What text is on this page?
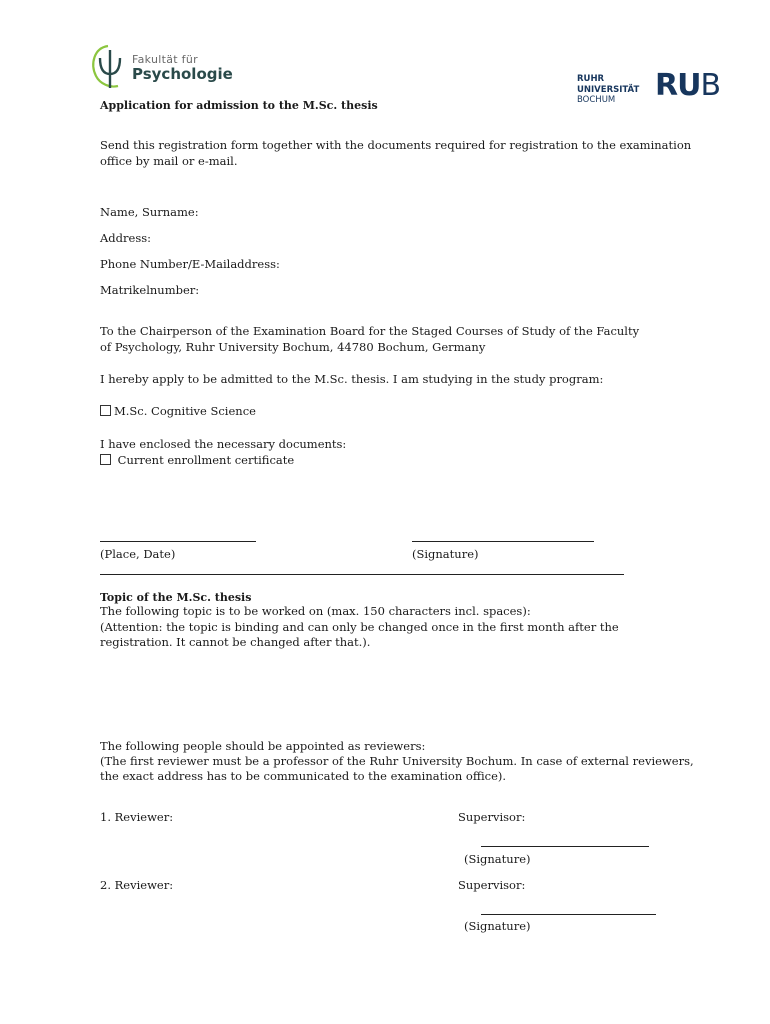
Fakultät für
Psychologie	RUHR
UNIVERSITÄT
BOCHUM	RUB
Application for admission to the M.Sc. thesis
Send this registration form together with the documents required for registration to the examination
office by mail or e-mail.
Name, Surname:
Address:
Phone Number/E-Mailaddress:
Matrikelnumber:
To the Chairperson of the Examination Board for the Staged Courses of Study of the Faculty
of Psychology, Ruhr University Bochum, 44780 Bochum, Germany
I hereby apply to be admitted to the M.Sc. thesis. I am studying in the study program:
M.Sc. Cognitive Science
I have enclosed the necessary documents:
Current enrollment certificate
(Place, Date)	(Signature)
Topic of the M.Sc. thesis
The following topic is to be worked on (max. 150 characters incl. spaces):
(Attention: the topic is binding and can only be changed once in the first month after the
registration. It cannot be changed after that.).
The following people should be appointed as reviewers:
(The first reviewer must be a professor of the Ruhr University Bochum. In case of external reviewers,
the exact address has to be communicated to the examination office).
1. Reviewer:	Supervisor:
(Signature)
2. Reviewer:	Supervisor:
(Signature)
